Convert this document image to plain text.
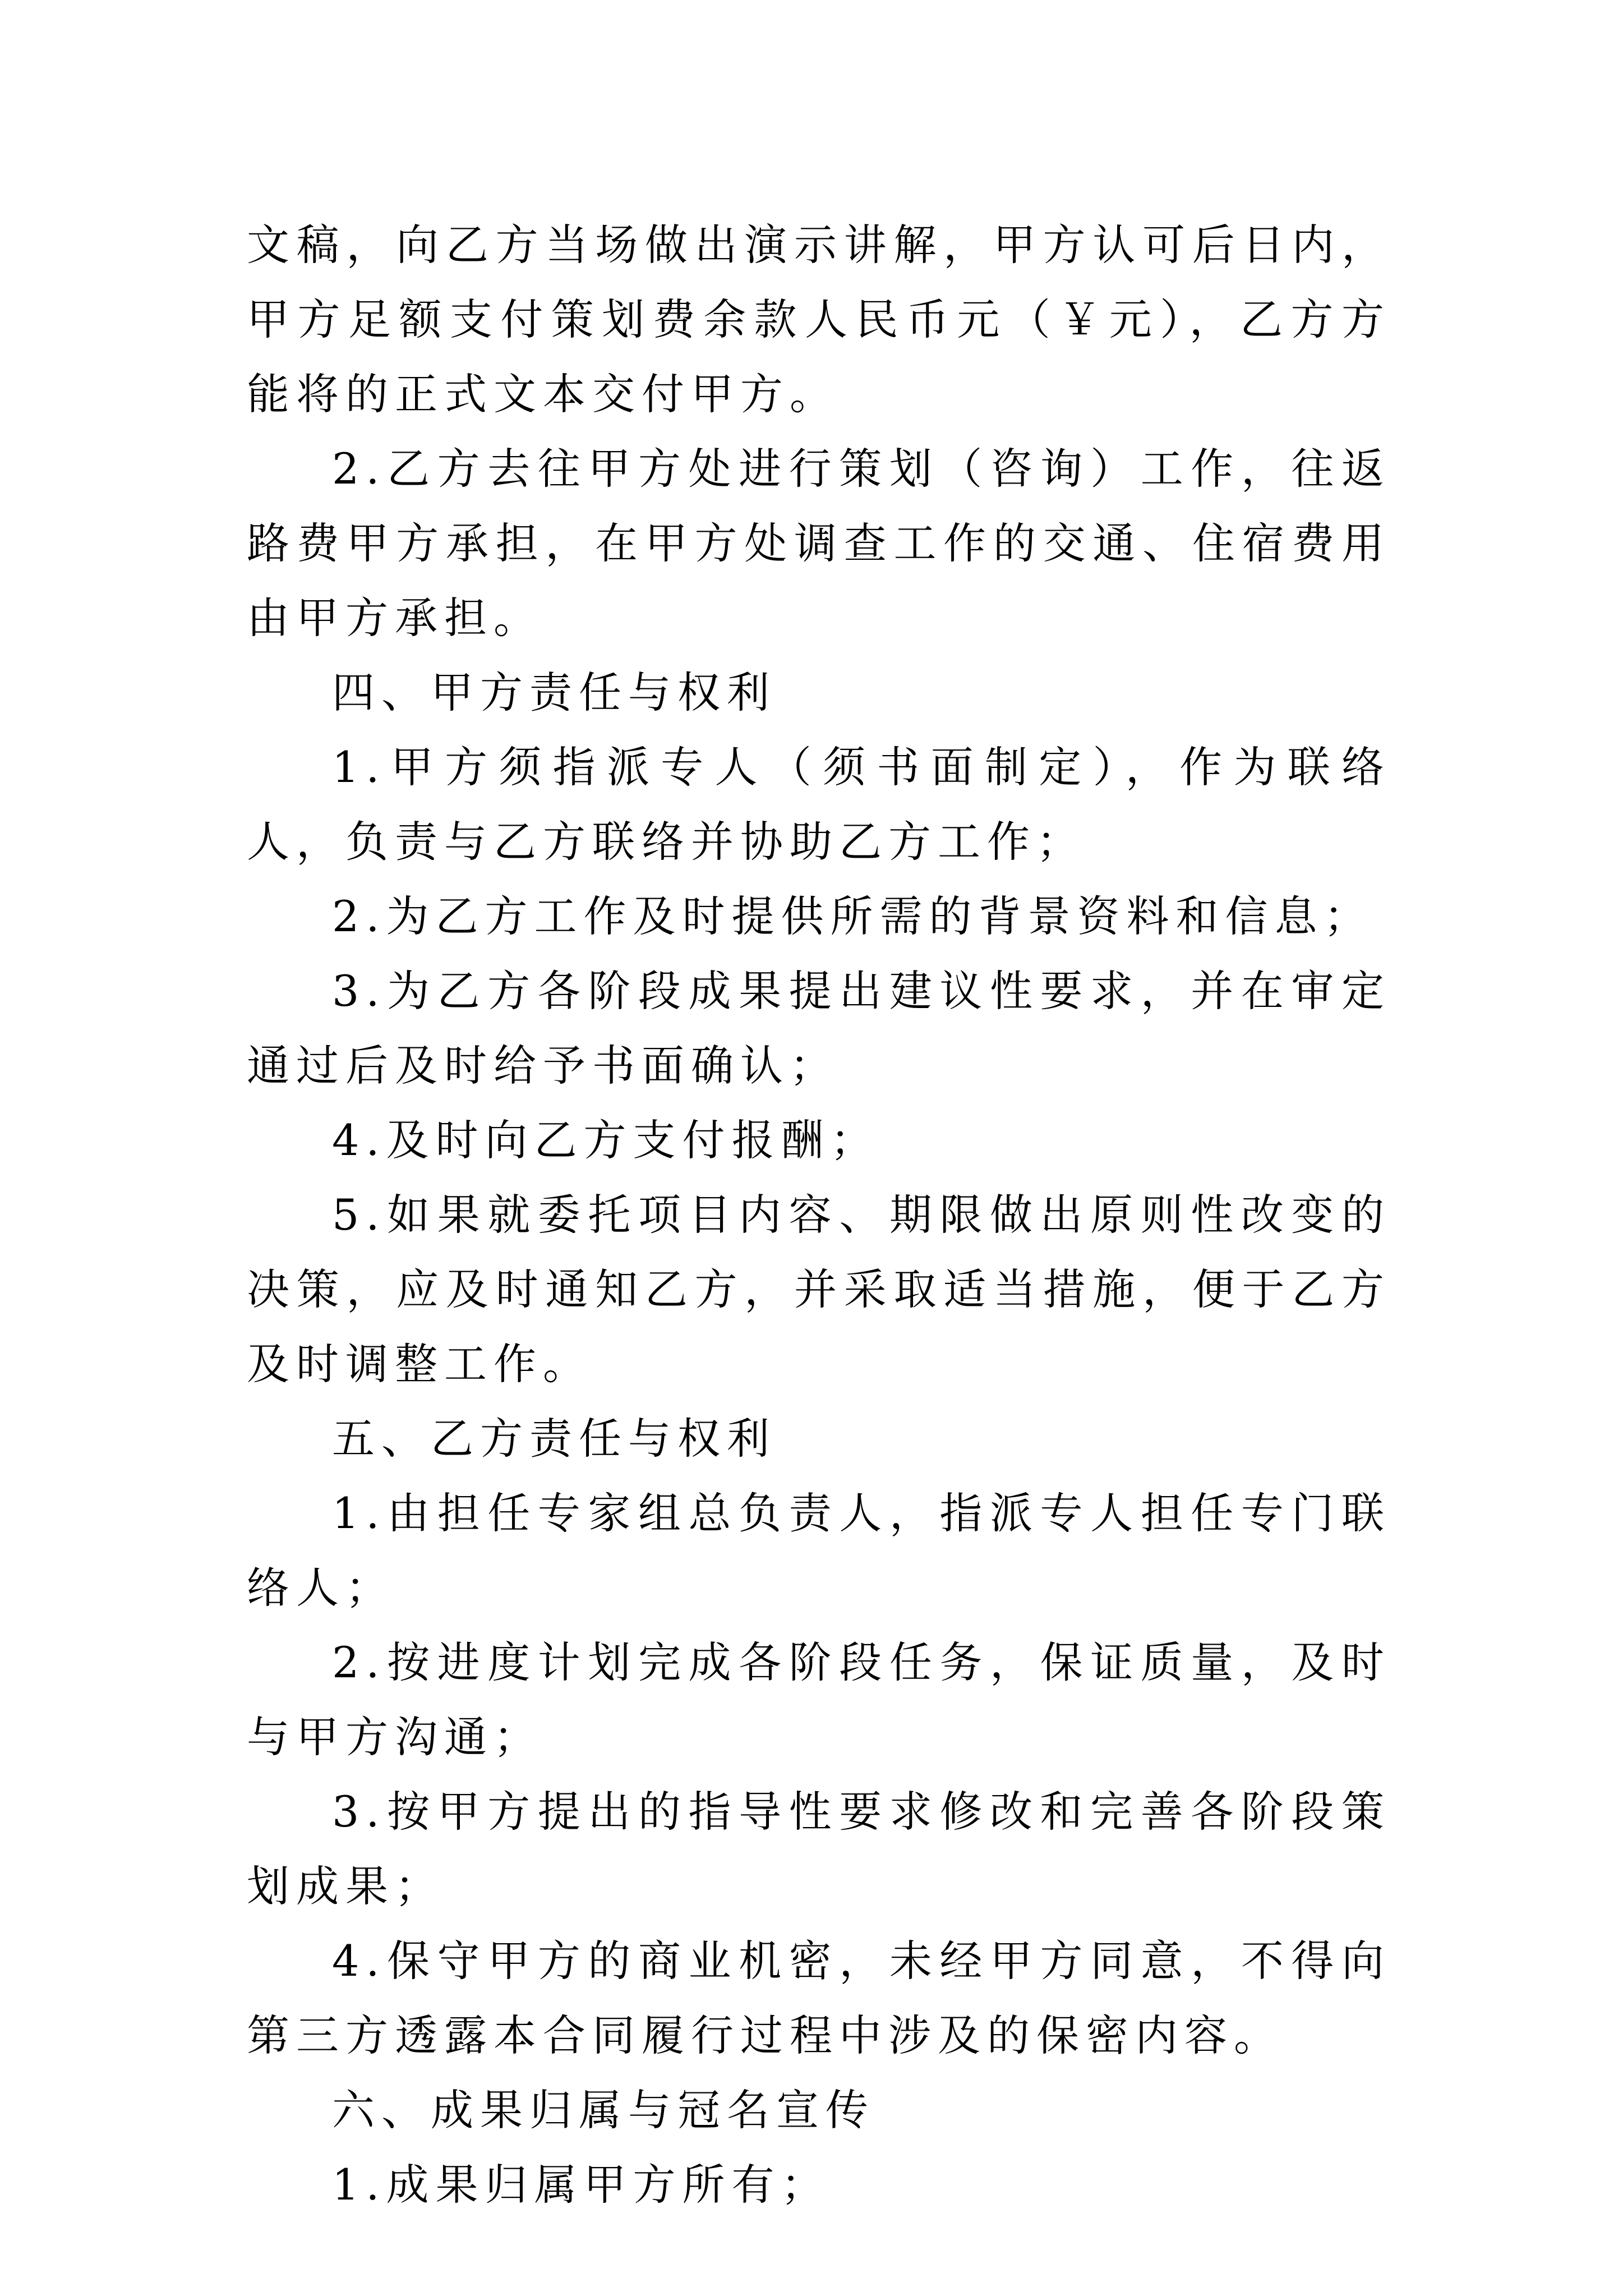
文稿，向乙方当场做出演示讲解，甲方认可后日内，甲方足额支付策划费余款人民币元（￥元），乙方方能将的正式文本交付甲方。

2.乙方去往甲方处进行策划（咨询）工作，往返路费甲方承担，在甲方处调查工作的交通、住宿费用由甲方承担。

四、甲方责任与权利

1.甲方须指派专人（须书面制定），作为联络人，负责与乙方联络并协助乙方工作；

2.为乙方工作及时提供所需的背景资料和信息；

3.为乙方各阶段成果提出建议性要求，并在审定通过后及时给予书面确认；

4.及时向乙方支付报酬；

5.如果就委托项目内容、期限做出原则性改变的决策，应及时通知乙方，并采取适当措施，便于乙方及时调整工作。

五、乙方责任与权利

1.由担任专家组总负责人，指派专人担任专门联络人；

2.按进度计划完成各阶段任务，保证质量，及时与甲方沟通；

3.按甲方提出的指导性要求修改和完善各阶段策划成果；

4.保守甲方的商业机密，未经甲方同意，不得向第三方透露本合同履行过程中涉及的保密内容。

六、成果归属与冠名宣传

1.成果归属甲方所有；
